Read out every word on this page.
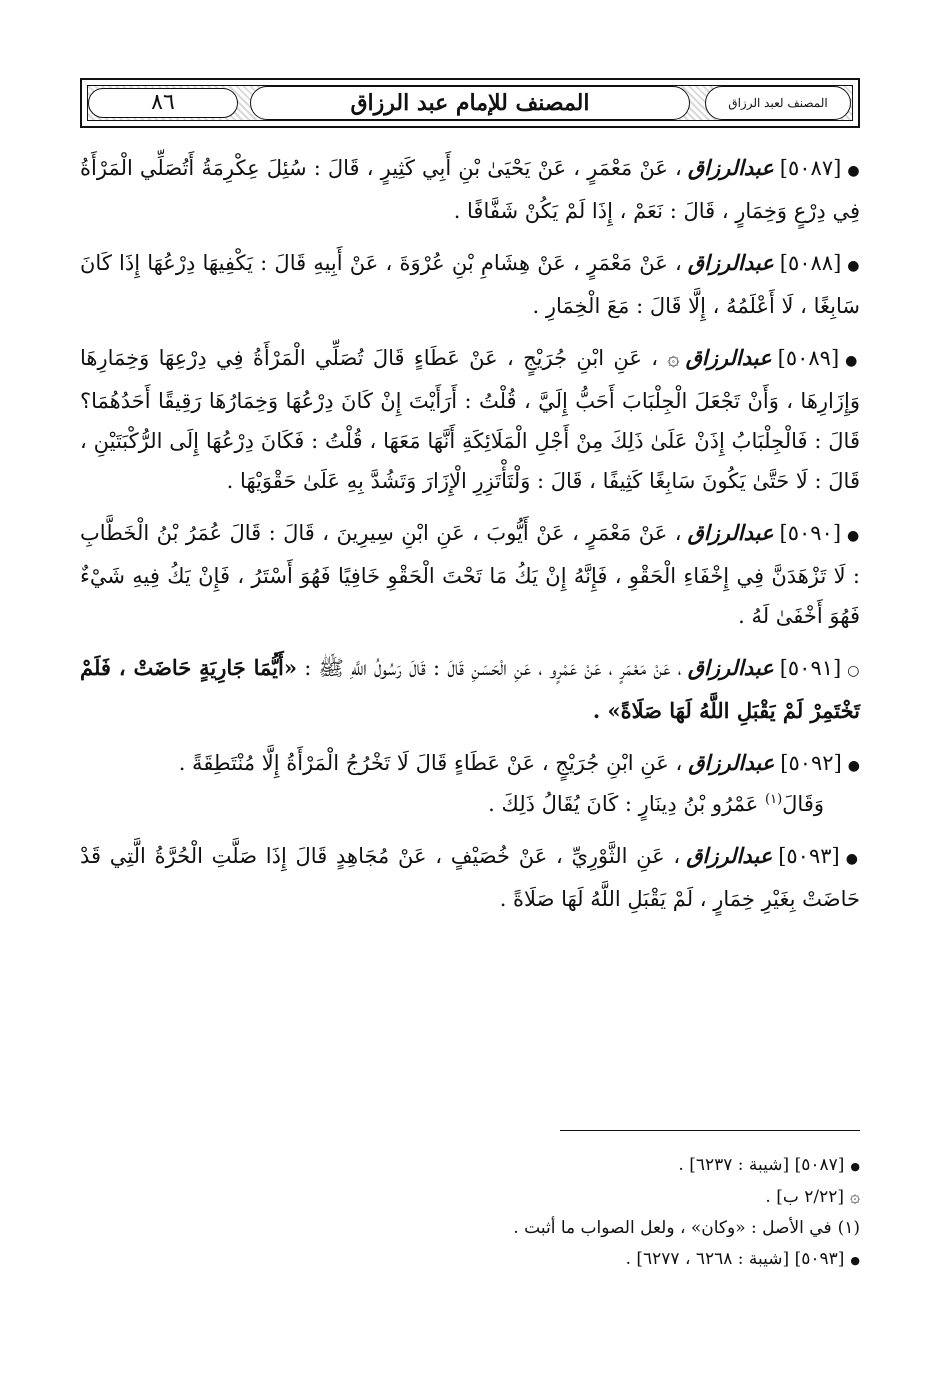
٨٦	المصنف للإمام عبد الرزاق	المصنف لعبد الرزاق

●[٥٠٨٧]عبدالرزاق، عَنْ مَعْمَرٍ ، عَنْ يَحْيَىٰ بْنِ أَبِي كَثِيرٍ ، قَالَ : سُئِلَ عِكْرِمَةُ أَتُصَلِّي الْمَرْأَةُ فِي دِرْعٍ وَخِمَارٍ ، قَالَ : نَعَمْ ، إِذَا لَمْ يَكُنْ شَفَّافًا .

●[٥٠٨٨]عبدالرزاق، عَنْ مَعْمَرٍ ، عَنْ هِشَامِ بْنِ عُرْوَةَ ، عَنْ أَبِيهِ قَالَ : يَكْفِيهَا دِرْعُهَا إِذَا كَانَ سَابِغًا ، لَا أَعْلَمُهُ ، إِلَّا قَالَ : مَعَ الْخِمَارِ .

●[٥٠٨٩]عبدالرزاق۞ ، عَنِ ابْنِ جُرَيْجٍ ، عَنْ عَطَاءٍ قَالَ تُصَلِّي الْمَرْأَةُ فِي دِرْعِهَا وَخِمَارِهَا وَإِزَارِهَا ، وَأَنْ تَجْعَلَ الْجِلْبَابَ أَحَبُّ إِلَيَّ ، قُلْتُ : أَرَأَيْتَ إِنْ كَانَ دِرْعُهَا وَخِمَارُهَا رَقِيقًا أَحَدُهُمَا؟ قَالَ : فَالْجِلْبَابُ إِذَنْ عَلَىٰ ذَلِكَ مِنْ أَجْلِ الْمَلَائِكَةِ أَنَّهَا مَعَهَا ، قُلْتُ : فَكَانَ دِرْعُهَا إِلَى الرُّكْبَتَيْنِ ، قَالَ : لَا حَتَّىٰ يَكُونَ سَابِغًا كَثِيفًا ، قَالَ : وَلْتَأْتَزِرِ الْإِزَارَ وَتَشُدَّ بِهِ عَلَىٰ حَقْوَيْهَا .

●[٥٠٩٠]عبدالرزاق، عَنْ مَعْمَرٍ ، عَنْ أَيُّوبَ ، عَنِ ابْنِ سِيرِينَ ، قَالَ : قَالَ عُمَرُ بْنُ الْخَطَّابِ : لَا تَزْهَدَنَّ فِي إِخْفَاءِ الْحَقْوِ ، فَإِنَّهُ إِنْ يَكُ مَا تَحْتَ الْحَقْوِ خَافِيًا فَهُوَ أَسْتَرُ ، فَإِنْ يَكُ فِيهِ شَيْءٌ فَهُوَ أَخْفَىٰ لَهُ .

○[٥٠٩١]عبدالرزاق، عَنْ مَعْمَرٍ ، عَنْ عَمْرٍو ، عَنِ الْحَسَنِ قَالَ : قَالَ رَسُولُ اللَّهِ ﷺ : «أَيُّمَا جَارِيَةٍ حَاضَتْ ، فَلَمْ تَخْتَمِرْ لَمْ يَقْبَلِ اللَّهُ لَهَا صَلَاةً» .

●[٥٠٩٢]عبدالرزاق، عَنِ ابْنِ جُرَيْجٍ ، عَنْ عَطَاءٍ قَالَ لَا تَخْرُجُ الْمَرْأَةُ إِلَّا مُنْتَطِقَةً .

وَقَالَ$^{(١)}$ عَمْرُو بْنُ دِينَارٍ : كَانَ يُقَالُ ذَلِكَ .

●[٥٠٩٣]عبدالرزاق، عَنِ الثَّوْرِيِّ ، عَنْ خُصَيْفٍ ، عَنْ مُجَاهِدٍ قَالَ إِذَا صَلَّتِ الْحُرَّةُ الَّتِي قَدْ حَاضَتْ بِغَيْرِ خِمَارٍ ، لَمْ يَقْبَلِ اللَّهُ لَهَا صَلَاةً .

●[٥٠٨٧] [شيبة : ٦٢٣٧] .
۞[٢/٢٢ ب] .
(١)في الأصل : «وكان» ، ولعل الصواب ما أثبت .
●[٥٠٩٣] [شيبة : ٦٢٦٨ ، ٦٢٧٧] .
